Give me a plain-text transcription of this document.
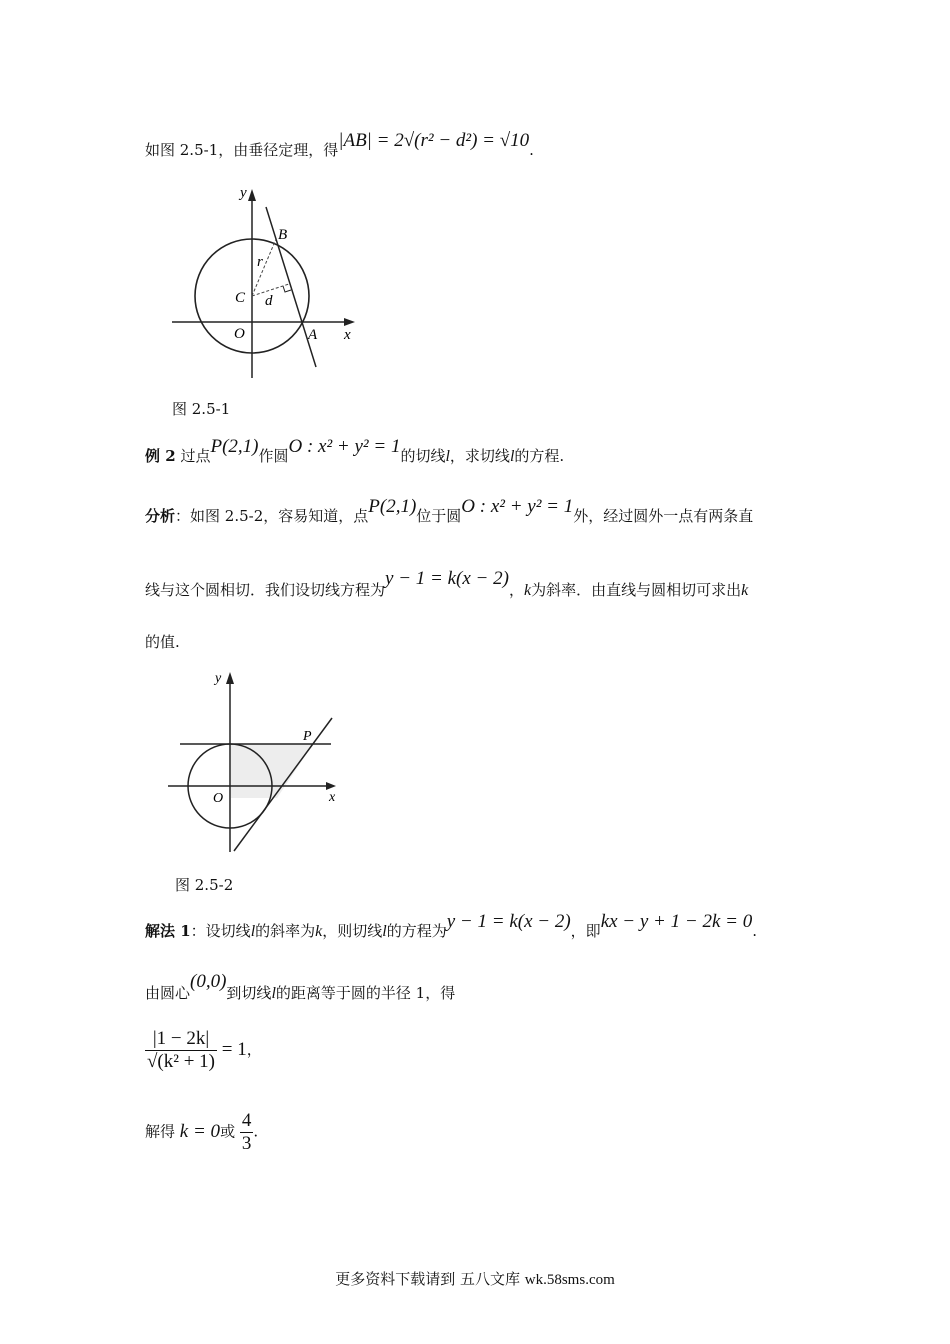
如图 2.5-1，由垂径定理，得|AB| = 2√(r² − d²) = √10.
y
x
B
r
C d
O	A
图 2.5-1
例 2 过点P(2,1)作圆O : x² + y² = 1的切线l，求切线l的方程.
分析：如图 2.5-2，容易知道，点P(2,1)位于圆O : x² + y² = 1外，经过圆外一点有两条直
线与这个圆相切．我们设切线方程为y − 1 = k(x − 2)，k为斜率．由直线与圆相切可求出k
的值.
y
x
O
P
图 2.5-2
解法 1：设切线l的斜率为k，则切线l的方程为y − 1 = k(x − 2)，即kx − y + 1 − 2k = 0.
由圆心(0,0)到切线l的距离等于圆的半径 1，得
$\frac{|1 - 2k|}{\text{√(k² + 1)}} = 1$，
解得 k = 0或 $\frac{4}{3}$ .
更多资料下载请到 五八文库 wk.58sms.com
